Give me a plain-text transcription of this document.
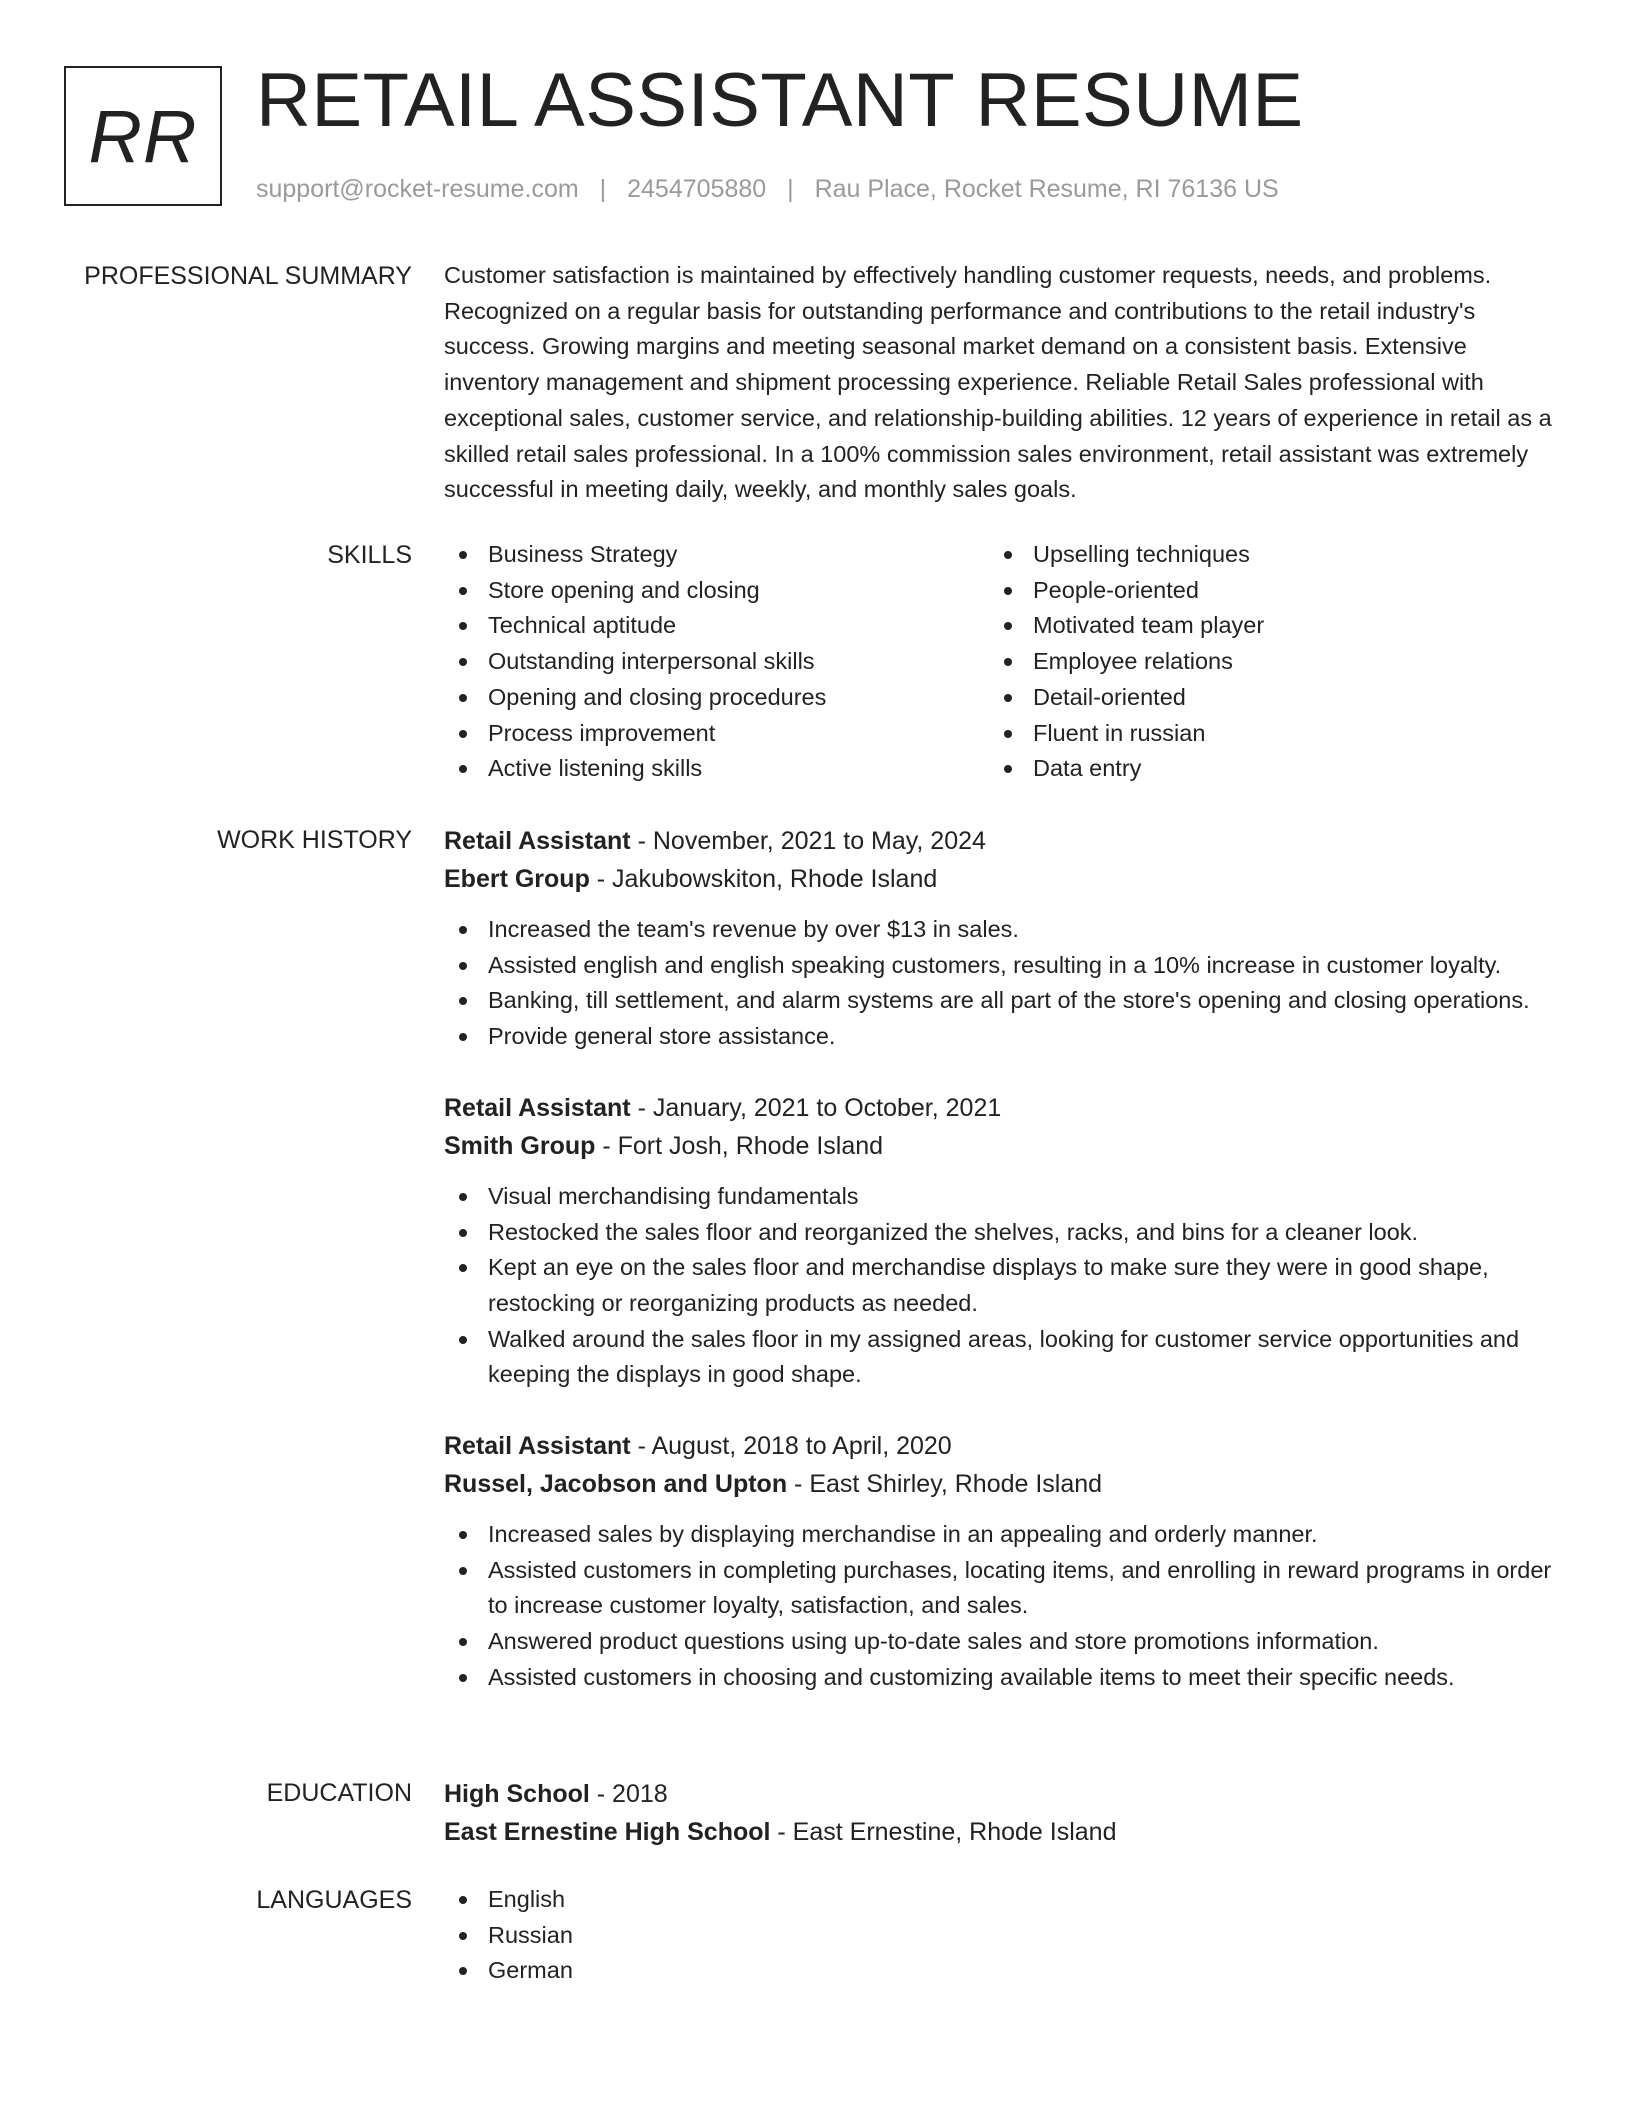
RR RETAIL ASSISTANT RESUME
support@rocket-resume.com | 2454705880 | Rau Place, Rocket Resume, RI 76136 US
PROFESSIONAL SUMMARY Customer satisfaction is maintained by effectively handling customer requests, needs, and problems. Recognized on a regular basis for outstanding performance and contributions to the retail industry's success. Growing margins and meeting seasonal market demand on a consistent basis. Extensive inventory management and shipment processing experience. Reliable Retail Sales professional with exceptional sales, customer service, and relationship-building abilities. 12 years of experience in retail as a skilled retail sales professional. In a 100% commission sales environment, retail assistant was extremely successful in meeting daily, weekly, and monthly sales goals.

SKILLS	Business Strategy
Store opening and closing
Technical aptitude
Outstanding interpersonal skills
Opening and closing procedures
Process improvement
Active listening skills
Upselling techniques
People-oriented
Motivated team player
Employee relations
Detail-oriented
Fluent in russian
Data entry
WORK HISTORY Retail Assistant - November, 2021 to May, 2024
Ebert Group - Jakubowskiton, Rhode Island
Increased the team's revenue by over $13 in sales.
Assisted english and english speaking customers, resulting in a 10% increase in customer loyalty.
Banking, till settlement, and alarm systems are all part of the store's opening and closing operations.
Provide general store assistance.
Retail Assistant - January, 2021 to October, 2021
Smith Group - Fort Josh, Rhode Island
Visual merchandising fundamentals
Restocked the sales floor and reorganized the shelves, racks, and bins for a cleaner look.
Kept an eye on the sales floor and merchandise displays to make sure they were in good shape, restocking or reorganizing products as needed.
Walked around the sales floor in my assigned areas, looking for customer service opportunities and keeping the displays in good shape.
Retail Assistant - August, 2018 to April, 2020
Russel, Jacobson and Upton - East Shirley, Rhode Island
Increased sales by displaying merchandise in an appealing and orderly manner.
Assisted customers in completing purchases, locating items, and enrolling in reward programs in order to increase customer loyalty, satisfaction, and sales.
Answered product questions using up-to-date sales and store promotions information.
Assisted customers in choosing and customizing available items to meet their specific needs.
EDUCATION High School - 2018
East Ernestine High School - East Ernestine, Rhode Island
LANGUAGES	English
Russian
German
